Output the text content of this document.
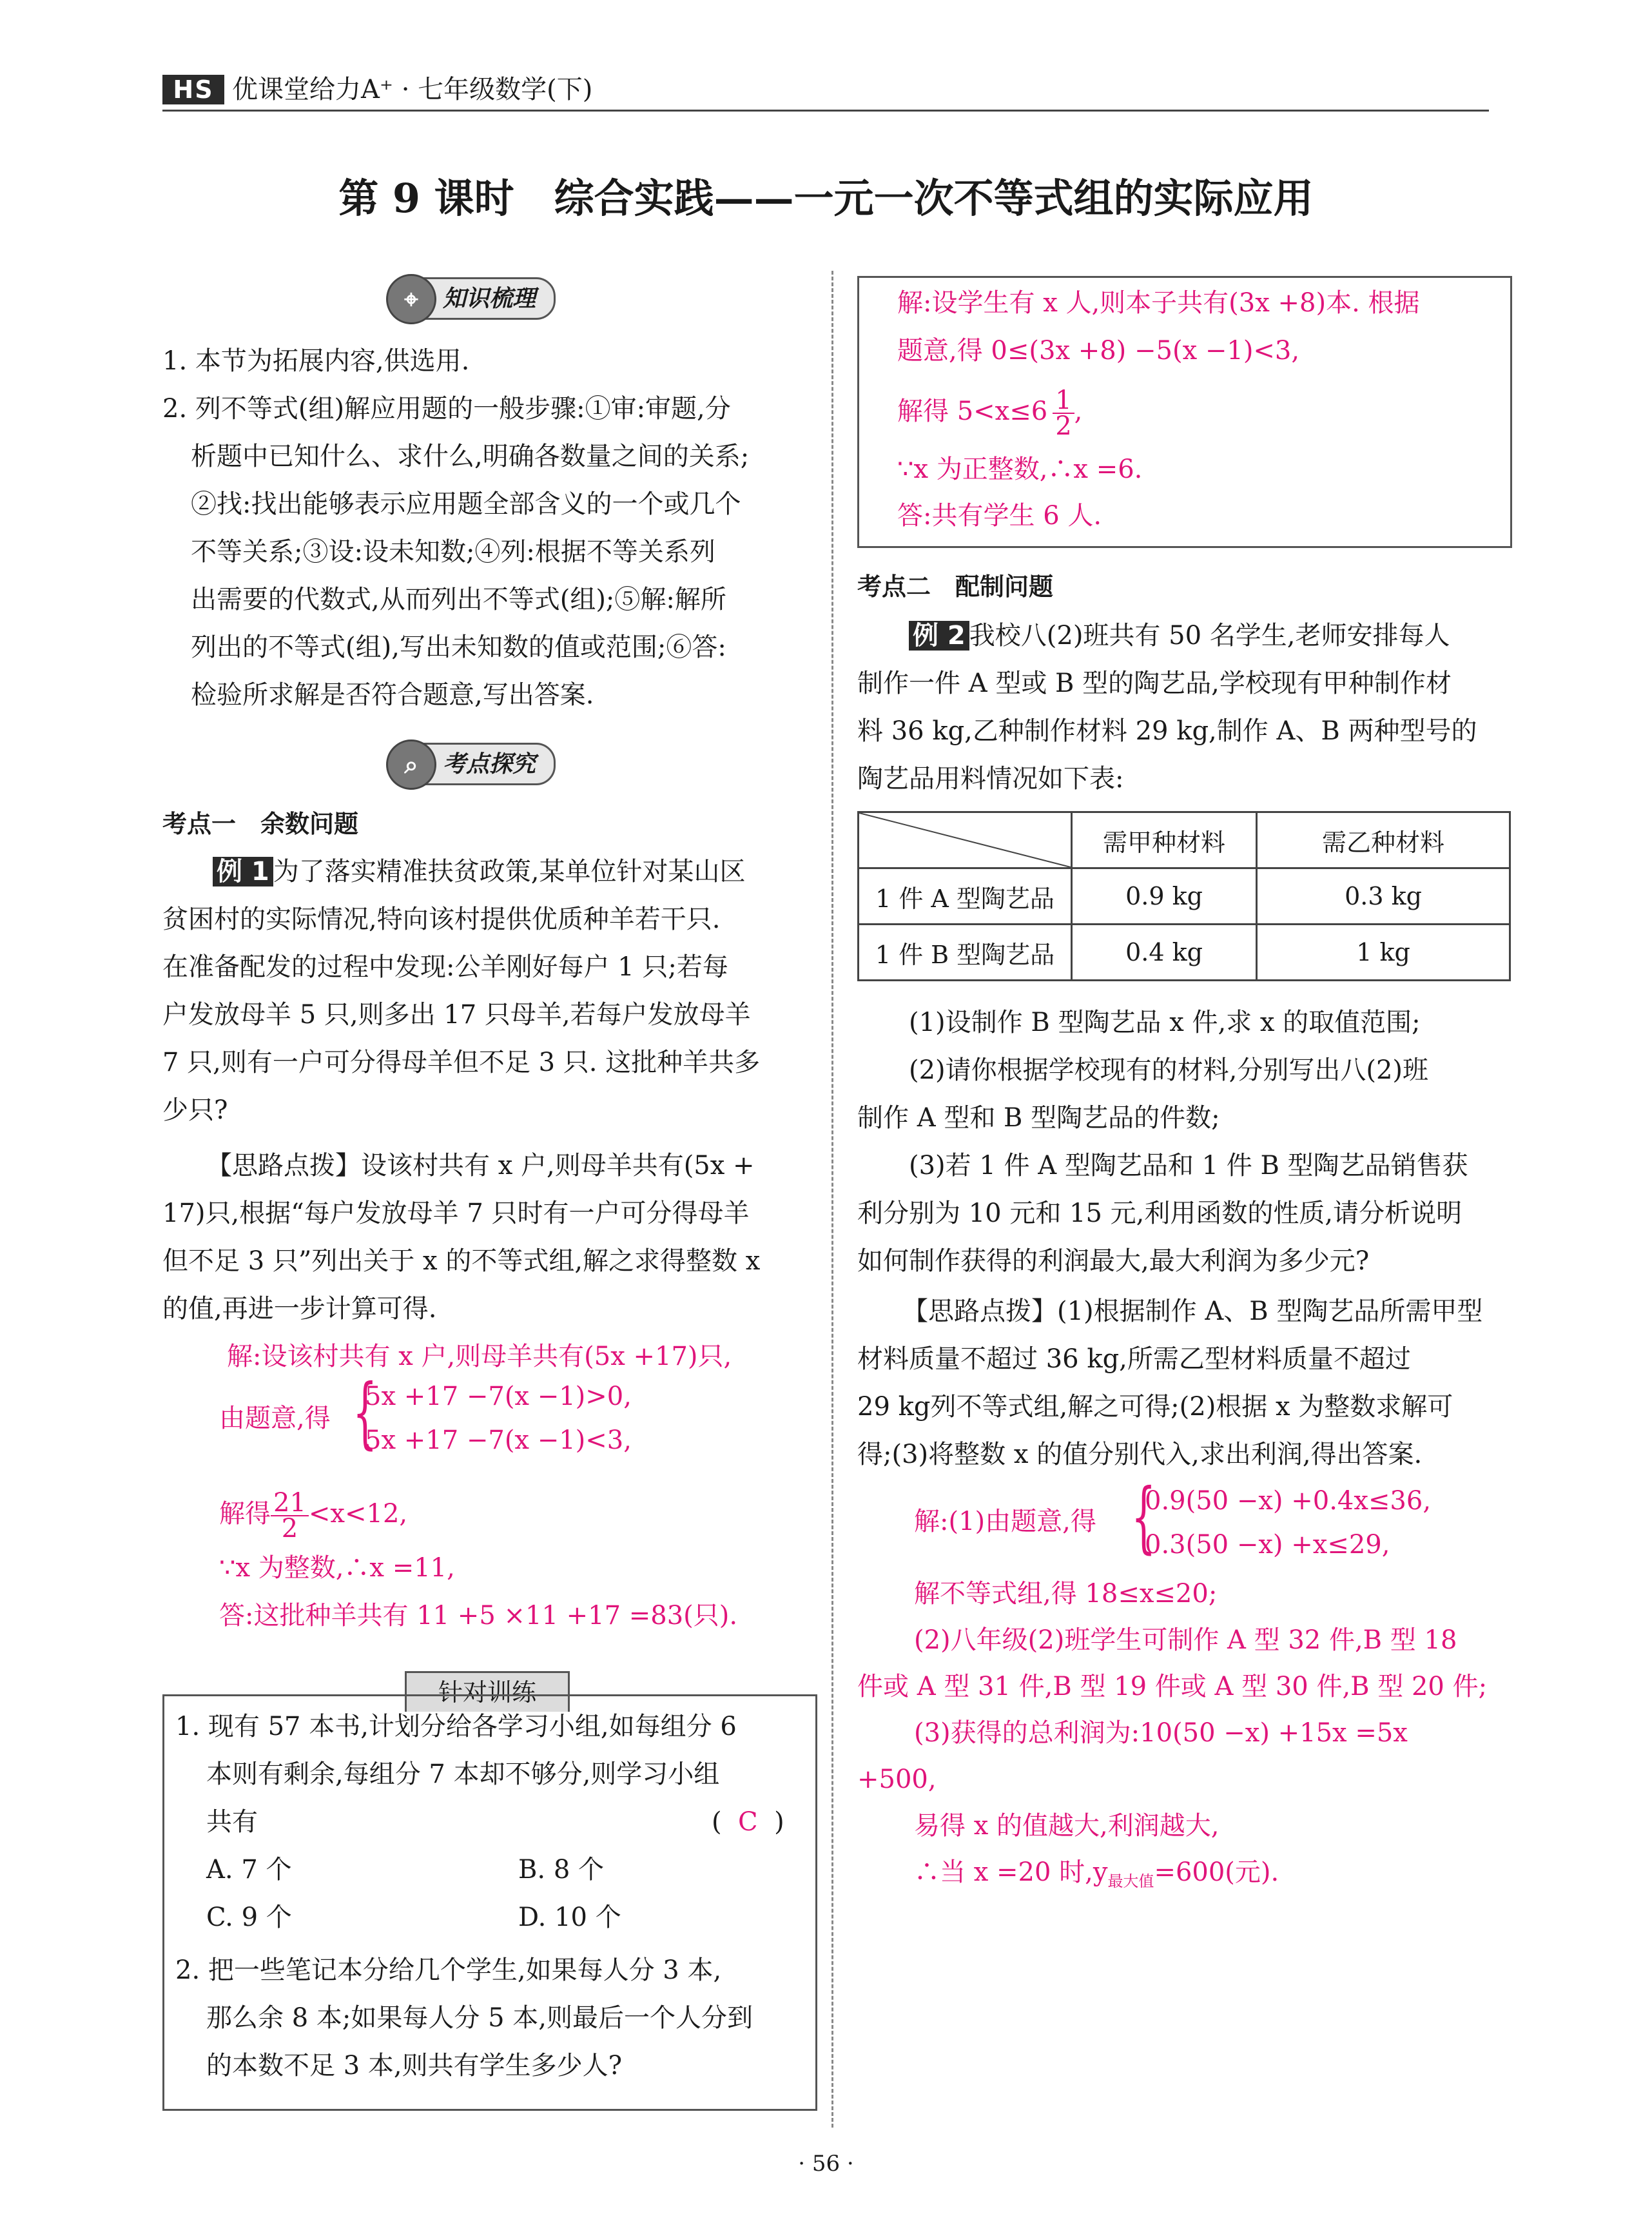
HS 优课堂给力A⁺ · 七年级数学(下)
第 9 课时　综合实践——一元一次不等式组的实际应用
⌖	知识梳理
1. 本节为拓展内容,供选用.
2. 列不等式(组)解应用题的一般步骤:①审:审题,分
析题中已知什么、求什么,明确各数量之间的关系;
②找:找出能够表示应用题全部含义的一个或几个
不等关系;③设:设未知数;④列:根据不等关系列
出需要的代数式,从而列出不等式(组);⑤解:解所
列出的不等式(组),写出未知数的值或范围;⑥答:
检验所求解是否符合题意,写出答案.
⌕	考点探究
考点一　余数问题
例 1 为了落实精准扶贫政策,某单位针对某山区
贫困村的实际情况,特向该村提供优质种羊若干只.
在准备配发的过程中发现:公羊刚好每户 1 只;若每
户发放母羊 5 只,则多出 17 只母羊,若每户发放母羊
7 只,则有一户可分得母羊但不足 3 只. 这批种羊共多
少只?
【思路点拨】设该村共有 x 户,则母羊共有(5x +
17)只,根据“每户发放母羊 7 只时有一户可分得母羊
但不足 3 只”列出关于 x 的不等式组,解之求得整数 x
的值,再进一步计算可得.
解:设该村共有 x 户,则母羊共有(5x +17)只,
由题意,得 {
5x +17 −7(x −1)>0,
5x +17 −7(x −1)<3,
解得 $\frac{21}{2} <x<12$,
∵x 为整数,∴x =11,
答:这批种羊共有 11 +5 ×11 +17 =83(只).
针对训练
1. 现有 57 本书,计划分给各学习小组,如每组分 6
本则有剩余,每组分 7 本却不够分,则学习小组
共有	( C )
A. 7 个	B. 8 个
C. 9 个	D. 10 个
2. 把一些笔记本分给几个学生,如果每人分 3 本,
那么余 8 本;如果每人分 5 本,则最后一个人分到
的本数不足 3 本,则共有学生多少人?
解:设学生有 x 人,则本子共有(3x +8)本. 根据
题意,得 0≤(3x +8) −5(x −1)<3,
解得 $5<x\le 6 \frac{1}{2}$ ,
∵x 为正整数,∴x =6.
答:共有学生 6 人.
考点二　配制问题
例 2 我校八(2)班共有 50 名学生,老师安排每人
制作一件 A 型或 B 型的陶艺品,学校现有甲种制作材
料 36 kg,乙种制作材料 29 kg,制作 A、B 两种型号的
陶艺品用料情况如下表:
	需甲种材料	需乙种材料
1 件 A 型陶艺品	0.9 kg	0.3 kg
1 件 B 型陶艺品	0.4 kg	1 kg
(1)设制作 B 型陶艺品 x 件,求 x 的取值范围;
(2)请你根据学校现有的材料,分别写出八(2)班
制作 A 型和 B 型陶艺品的件数;
(3)若 1 件 A 型陶艺品和 1 件 B 型陶艺品销售获
利分别为 10 元和 15 元,利用函数的性质,请分析说明
如何制作获得的利润最大,最大利润为多少元?
【思路点拨】(1)根据制作 A、B 型陶艺品所需甲型
材料质量不超过 36 kg,所需乙型材料质量不超过
29 kg列不等式组,解之可得;(2)根据 x 为整数求解可
得;(3)将整数 x 的值分别代入,求出利润,得出答案.
解:(1)由题意,得 {
0.9(50 −x) +0.4x≤36,
0.3(50 −x) +x≤29,
解不等式组,得 18≤x≤20;
(2)八年级(2)班学生可制作 A 型 32 件,B 型 18
件或 A 型 31 件,B 型 19 件或 A 型 30 件,B 型 20 件;
(3)获得的总利润为:10(50 −x) +15x =5x
+500,
易得 x 的值越大,利润越大,
∴当 x =20 时$,y_{最大值}=600$(元).
· 56 ·
